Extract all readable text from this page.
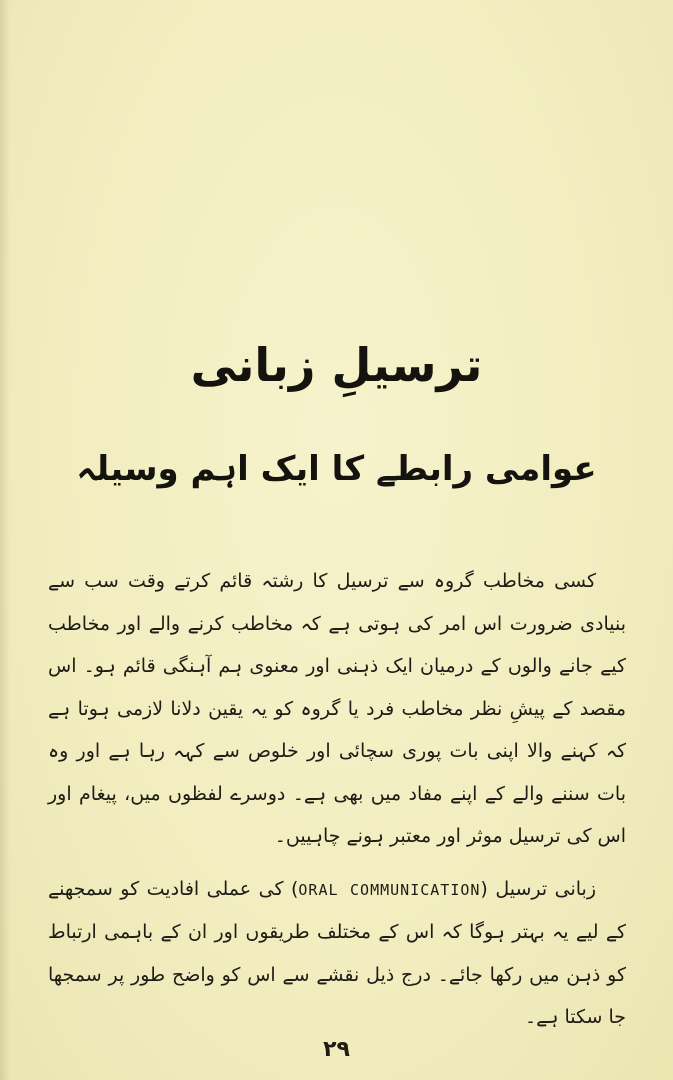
ترسیلِ زبانی
عوامی رابطے کا ایک اہم وسیلہ

کسی مخاطب گروہ سے ترسیل کا رشتہ قائم کرتے وقت سب سے بنیادی ضرورت اس امر کی ہوتی ہے کہ مخاطب کرنے والے اور مخاطب کیے جانے والوں کے درمیان ایک ذہنی اور معنوی ہم آہنگی قائم ہو۔ اس مقصد کے پیشِ نظر مخاطب فرد یا گروہ کو یہ یقین دلانا لازمی ہوتا ہے کہ کہنے والا اپنی بات پوری سچائی اور خلوص سے کہہ رہا ہے اور وہ بات سننے والے کے اپنے مفاد میں بھی ہے۔ دوسرے لفظوں میں، پیغام اور اس کی ترسیل موثر اور معتبر ہونے چاہییں۔

زبانی ترسیل (ORAL COMMUNICATION) کی عملی افادیت کو سمجھنے کے لیے یہ بہتر ہوگا کہ اس کے مختلف طریقوں اور ان کے باہمی ارتباط کو ذہن میں رکھا جائے۔ درج ذیل نقشے سے اس کو واضح طور پر سمجھا جا سکتا ہے۔

۲۹
